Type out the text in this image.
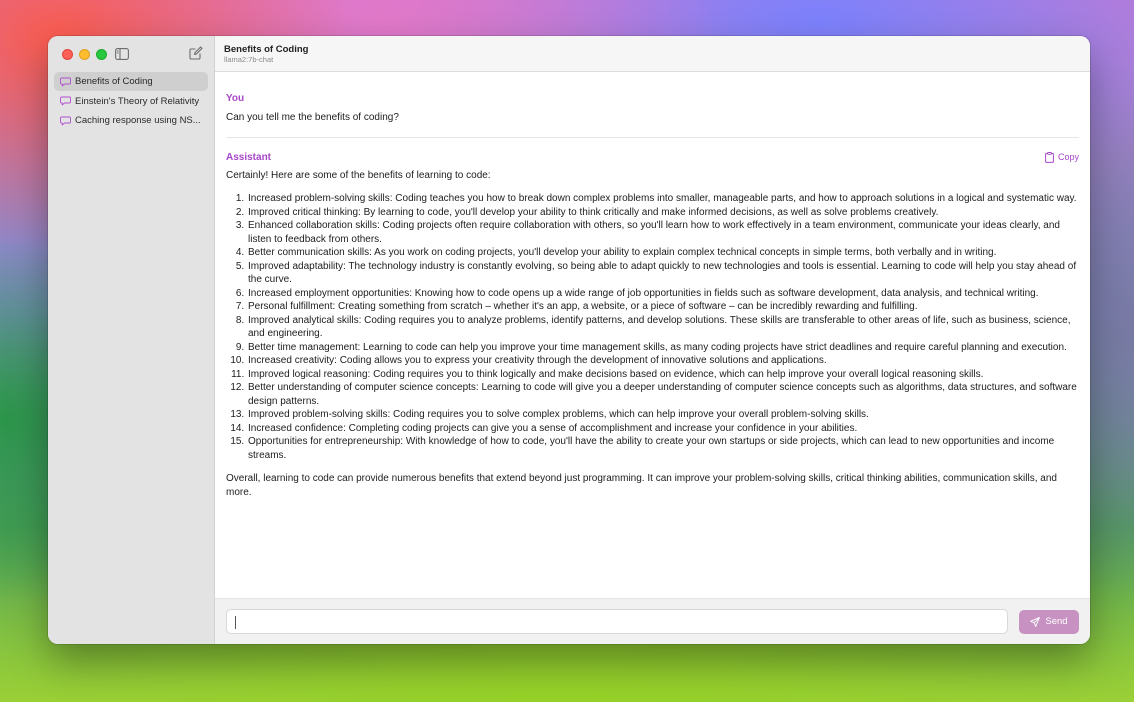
Benefits of Coding
Einstein's Theory of Relativity
Caching response using NS...
Benefits of Coding
llama2:7b-chat
You
Can you tell me the benefits of coding?
Assistant	Copy
Certainly! Here are some of the benefits of learning to code:
1. Increased problem-solving skills: Coding teaches you how to break down complex problems into smaller, manageable parts, and how to approach solutions in a logical and systematic way.
2. Improved critical thinking: By learning to code, you'll develop your ability to think critically and make informed decisions, as well as solve problems creatively.
3. Enhanced collaboration skills: Coding projects often require collaboration with others, so you'll learn how to work effectively in a team environment, communicate your ideas clearly, and listen to feedback from others.
4. Better communication skills: As you work on coding projects, you'll develop your ability to explain complex technical concepts in simple terms, both verbally and in writing.
5. Improved adaptability: The technology industry is constantly evolving, so being able to adapt quickly to new technologies and tools is essential. Learning to code will help you stay ahead of the curve.
6. Increased employment opportunities: Knowing how to code opens up a wide range of job opportunities in fields such as software development, data analysis, and technical writing.
7. Personal fulfillment: Creating something from scratch – whether it's an app, a website, or a piece of software – can be incredibly rewarding and fulfilling.
8. Improved analytical skills: Coding requires you to analyze problems, identify patterns, and develop solutions. These skills are transferable to other areas of life, such as business, science, and engineering.
9. Better time management: Learning to code can help you improve your time management skills, as many coding projects have strict deadlines and require careful planning and execution.
10. Increased creativity: Coding allows you to express your creativity through the development of innovative solutions and applications.
11. Improved logical reasoning: Coding requires you to think logically and make decisions based on evidence, which can help improve your overall logical reasoning skills.
12. Better understanding of computer science concepts: Learning to code will give you a deeper understanding of computer science concepts such as algorithms, data structures, and software design patterns.
13. Improved problem-solving skills: Coding requires you to solve complex problems, which can help improve your overall problem-solving skills.
14. Increased confidence: Completing coding projects can give you a sense of accomplishment and increase your confidence in your abilities.
15. Opportunities for entrepreneurship: With knowledge of how to code, you'll have the ability to create your own startups or side projects, which can lead to new opportunities and income streams.
Overall, learning to code can provide numerous benefits that extend beyond just programming. It can improve your problem-solving skills, critical thinking abilities, communication skills, and more.
Send
